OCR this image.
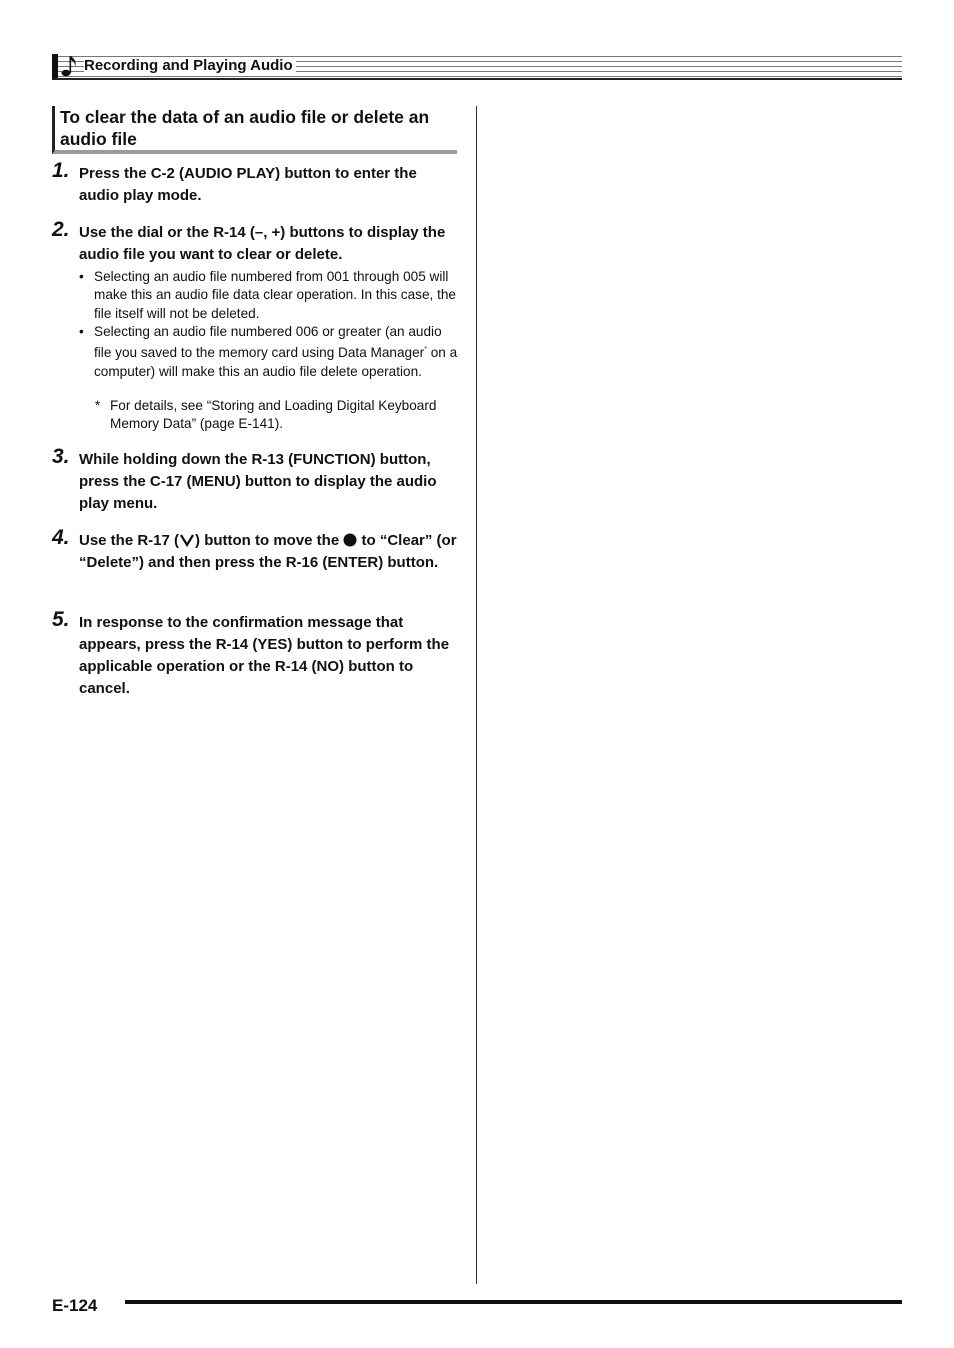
Recording and Playing Audio
To clear the data of an audio file or delete an audio file
1. Press the C-2 (AUDIO PLAY) button to enter the audio play mode.
2. Use the dial or the R-14 (–, +) buttons to display the audio file you want to clear or delete.
• Selecting an audio file numbered from 001 through 005 will make this an audio file data clear operation. In this case, the file itself will not be deleted.
• Selecting an audio file numbered 006 or greater (an audio file you saved to the memory card using Data Manager* on a computer) will make this an audio file delete operation.
* For details, see “Storing and Loading Digital Keyboard Memory Data” (page E-141).
3. While holding down the R-13 (FUNCTION) button, press the C-17 (MENU) button to display the audio play menu.
4. Use the R-17 ( ) button to move the  to “Clear” (or “Delete”) and then press the R-16 (ENTER) button.
5. In response to the confirmation message that appears, press the R-14 (YES) button to perform the applicable operation or the R-14 (NO) button to cancel.
E-124
